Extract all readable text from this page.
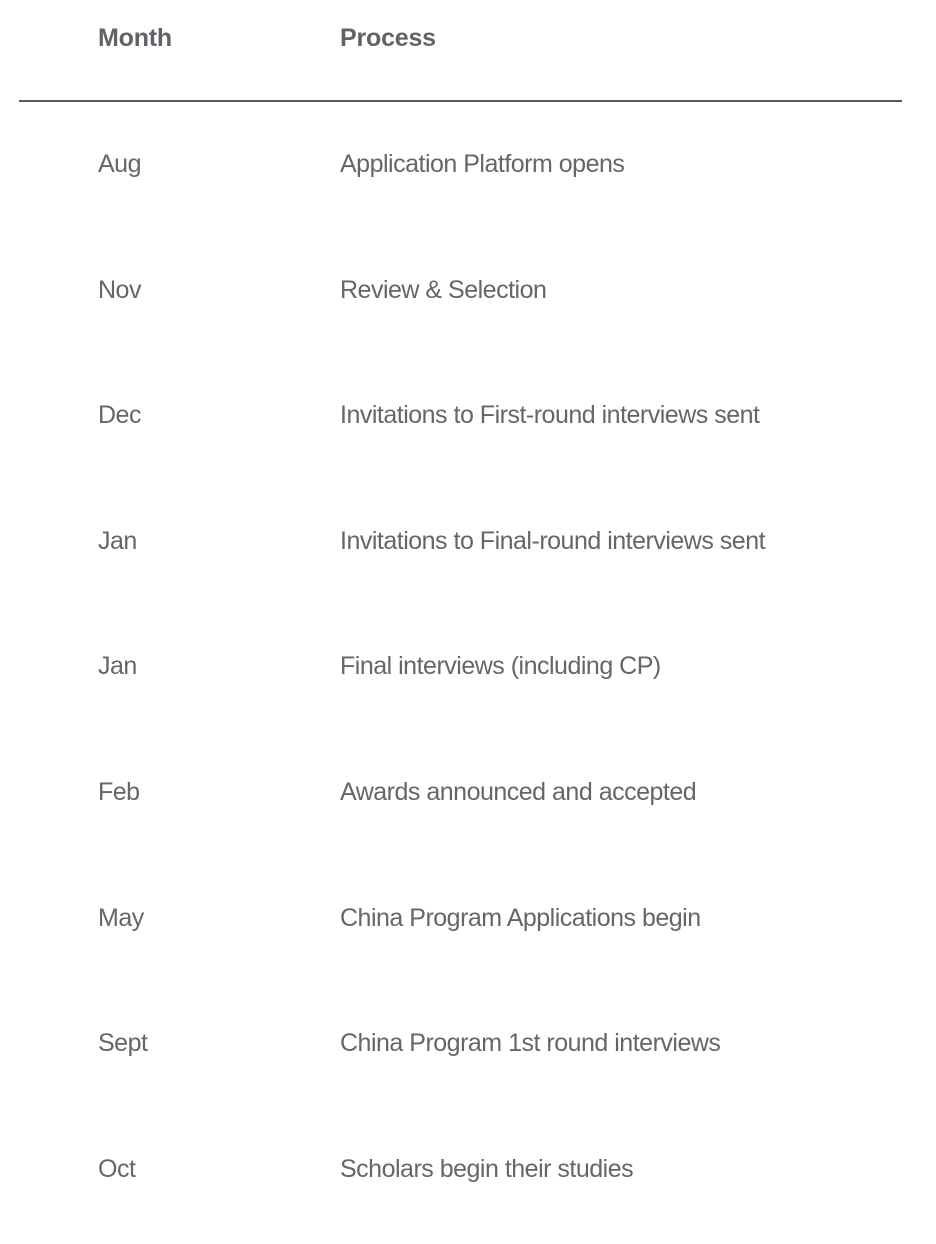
Month	Process
Aug	Application Platform opens
Nov	Review & Selection
Dec	Invitations to First-round interviews sent
Jan	Invitations to Final-round interviews sent
Jan	Final interviews (including CP)
Feb	Awards announced and accepted
May	China Program Applications begin
Sept	China Program 1st round interviews
Oct	Scholars begin their studies
